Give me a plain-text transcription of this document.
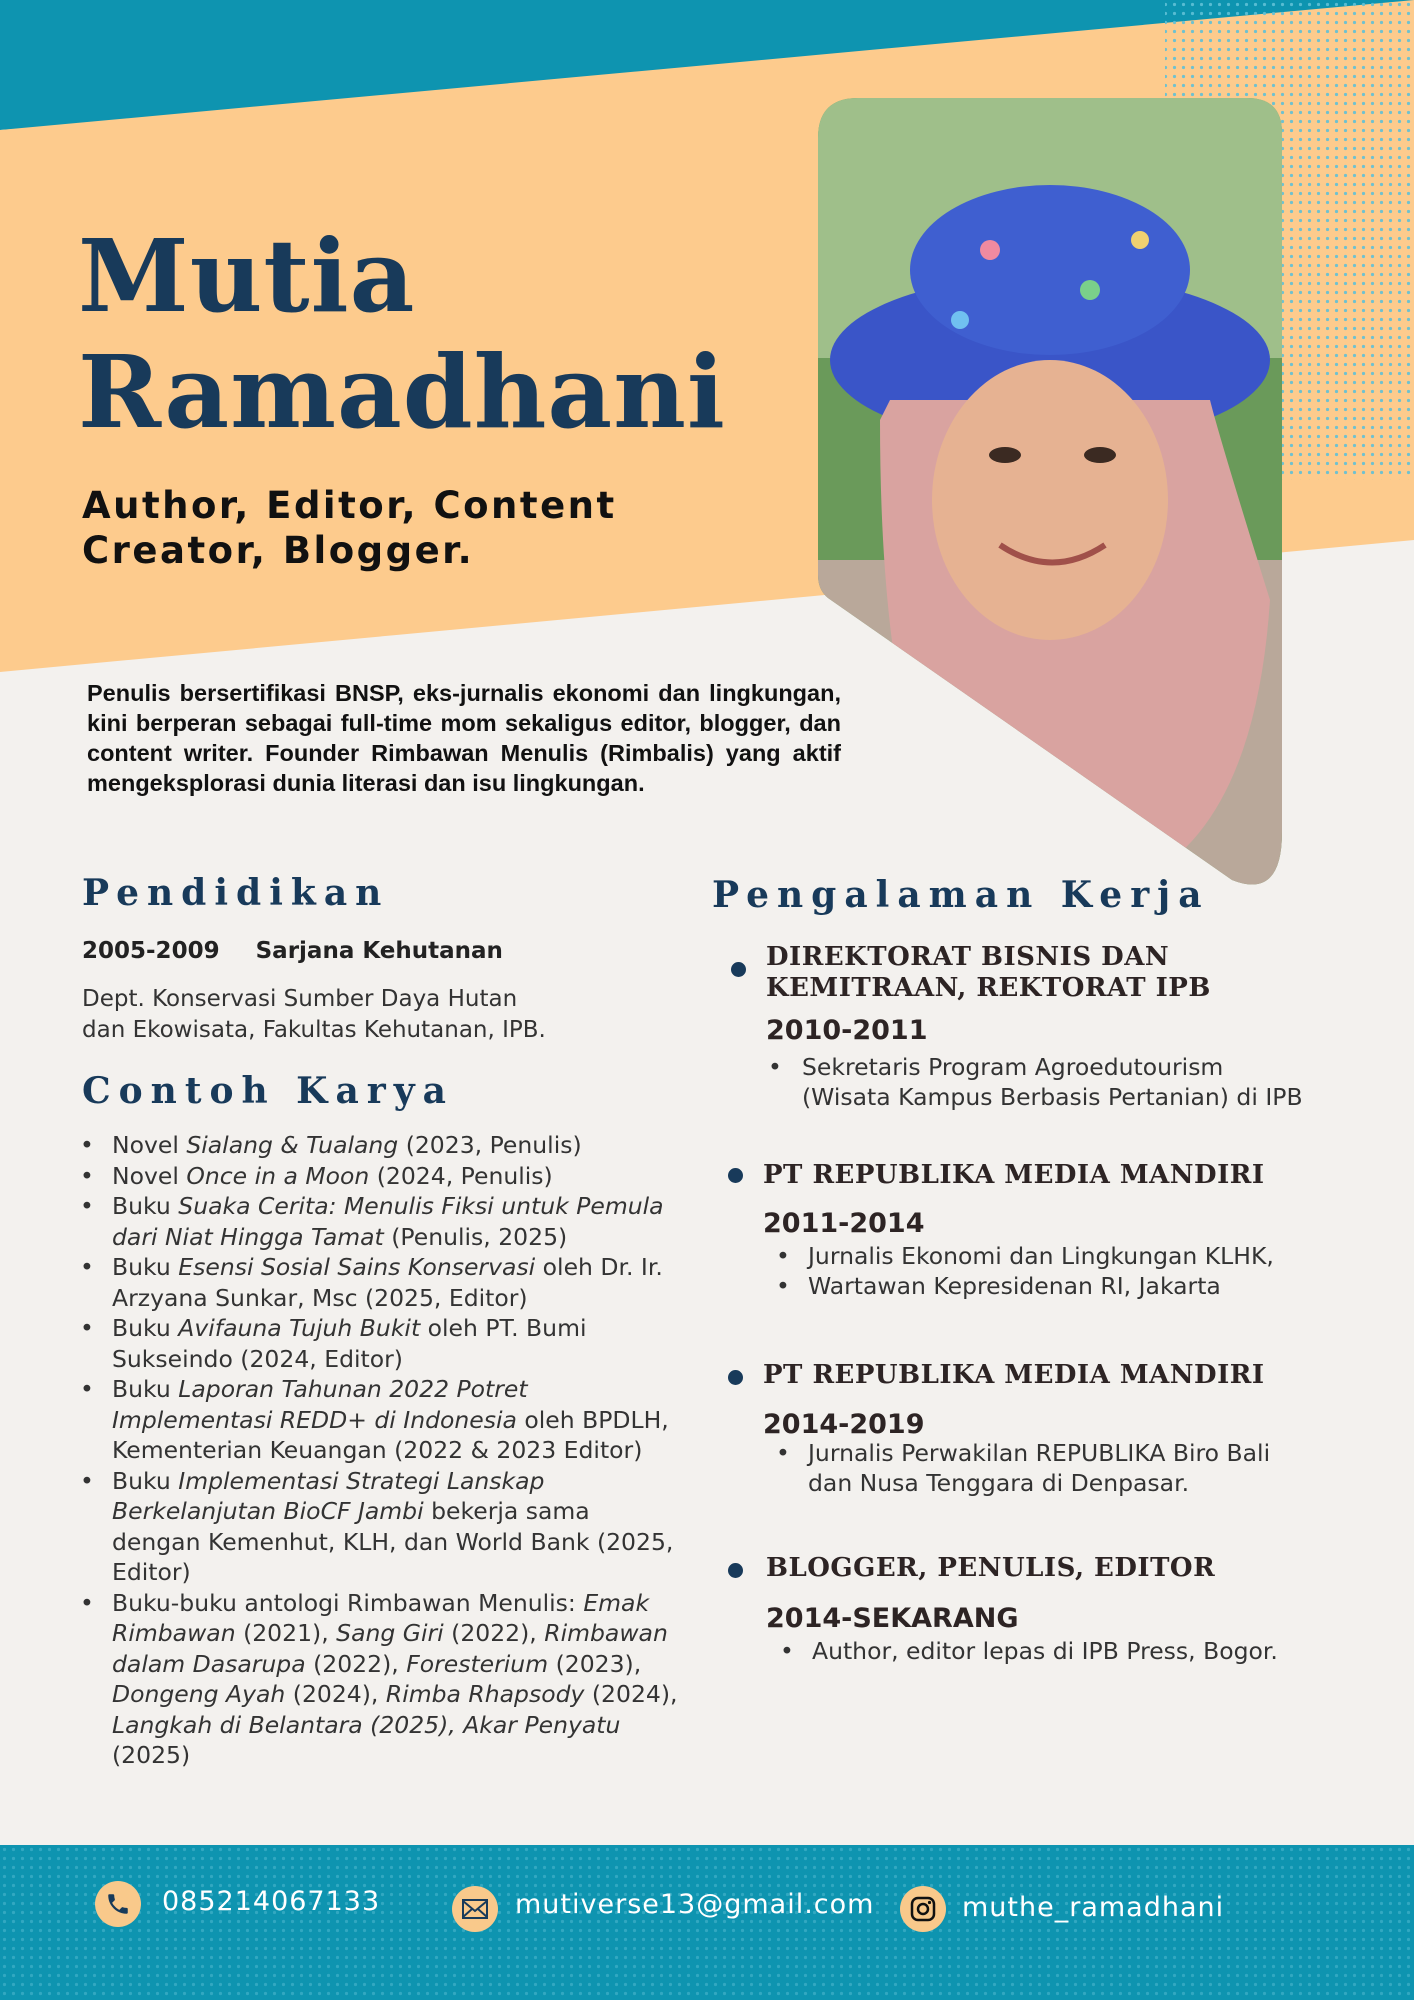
Mutia
Ramadhani
Author, Editor, Content
Creator, Blogger.
Penulis bersertifikasi BNSP, eks-jurnalis ekonomi dan lingkungan, kini berperan sebagai full-time mom sekaligus editor, blogger, dan content writer. Founder Rimbawan Menulis (Rimbalis) yang aktif mengeksplorasi dunia literasi dan isu lingkungan.
Pendidikan
2005-2009 Sarjana Kehutanan
Dept. Konservasi Sumber Daya Hutan
dan Ekowisata, Fakultas Kehutanan, IPB.
Contoh Karya
• Novel Sialang & Tualang (2023, Penulis)
• Novel Once in a Moon (2024, Penulis)
• Buku Suaka Cerita: Menulis Fiksi untuk Pemula dari Niat Hingga Tamat (Penulis, 2025)
• Buku Esensi Sosial Sains Konservasi oleh Dr. Ir. Arzyana Sunkar, Msc (2025, Editor)
• Buku Avifauna Tujuh Bukit oleh PT. Bumi Sukseindo (2024, Editor)
• Buku Laporan Tahunan 2022 Potret Implementasi REDD+ di Indonesia oleh BPDLH, Kementerian Keuangan (2022 & 2023 Editor)
• Buku Implementasi Strategi Lanskap Berkelanjutan BioCF Jambi bekerja sama dengan Kemenhut, KLH, dan World Bank (2025, Editor)
• Buku-buku antologi Rimbawan Menulis: Emak Rimbawan (2021), Sang Giri (2022), Rimbawan dalam Dasarupa (2022), Foresterium (2023), Dongeng Ayah (2024), Rimba Rhapsody (2024), Langkah di Belantara (2025), Akar Penyatu (2025)
Pengalaman Kerja
DIREKTORAT BISNIS DAN
KEMITRAAN, REKTORAT IPB
2010-2011
• Sekretaris Program Agroedutourism
(Wisata Kampus Berbasis Pertanian) di IPB
PT REPUBLIKA MEDIA MANDIRI
2011-2014
• Jurnalis Ekonomi dan Lingkungan KLHK,
• Wartawan Kepresidenan RI, Jakarta
PT REPUBLIKA MEDIA MANDIRI
2014-2019
• Jurnalis Perwakilan REPUBLIKA Biro Bali
dan Nusa Tenggara di Denpasar.
BLOGGER, PENULIS, EDITOR
2014-SEKARANG
• Author, editor lepas di IPB Press, Bogor.
085214067133	mutiverse13@gmail.com	muthe_ramadhani
